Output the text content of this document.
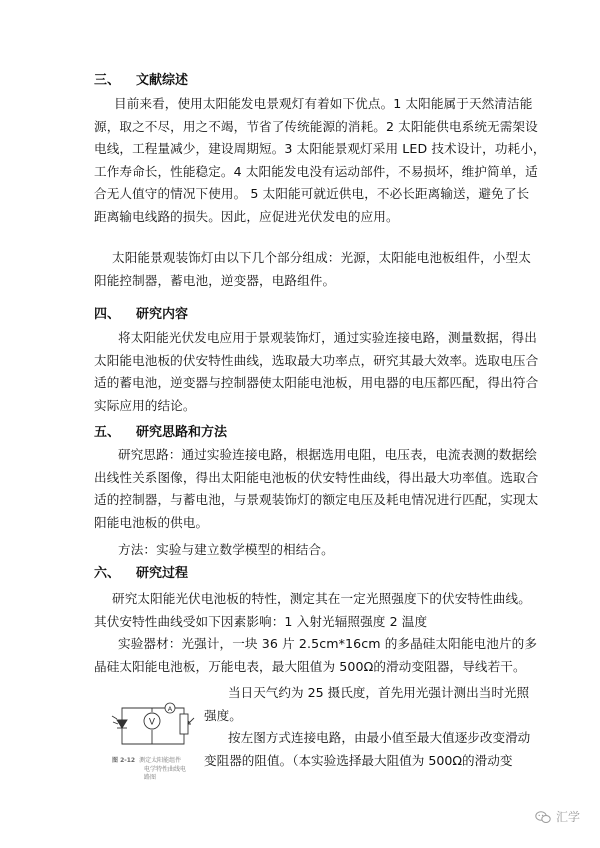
三、 文献综述
目前来看，使用太阳能发电景观灯有着如下优点。1 太阳能属于天然清洁能
源，取之不尽，用之不竭，节省了传统能源的消耗。2 太阳能供电系统无需架设
电线，工程量减少，建设周期短。3 太阳能景观灯采用 LED 技术设计，功耗小，
工作寿命长，性能稳定。4 太阳能发电没有运动部件，不易损坏，维护简单，适
合无人值守的情况下使用。 5 太阳能可就近供电，不必长距离输送，避免了长
距离输电线路的损失。因此，应促进光伏发电的应用。
太阳能景观装饰灯由以下几个部分组成：光源，太阳能电池板组件，小型太
阳能控制器，蓄电池，逆变器，电路组件。
四、 研究内容
将太阳能光伏发电应用于景观装饰灯，通过实验连接电路，测量数据，得出
太阳能电池板的伏安特性曲线，选取最大功率点，研究其最大效率。选取电压合
适的蓄电池，逆变器与控制器使太阳能电池板，用电器的电压都匹配，得出符合
实际应用的结论。
五、 研究思路和方法
研究思路：通过实验连接电路，根据选用电阻，电压表，电流表测的数据绘
出线性关系图像，得出太阳能电池板的伏安特性曲线，得出最大功率值。选取合
适的控制器，与蓄电池，与景观装饰灯的额定电压及耗电情况进行匹配，实现太
阳能电池板的供电。
方法：实验与建立数学模型的相结合。
六、 研究过程
研究太阳能光伏电池板的特性，测定其在一定光照强度下的伏安特性曲线。
其伏安特性曲线受如下因素影响：1 入射光辐照强度 2 温度
实验器材：光强计，一块 36 片 2.5cm*16cm 的多晶硅太阳能电池片的多
晶硅太阳能电池板，万能电表，最大阻值为 500Ω的滑动变阻器，导线若干。
当日天气约为 25 摄氏度，首先用光强计测出当时光照
强度。
按左图方式连接电路，由最小值至最大值逐步改变滑动
变阻器的阻值。（本实验选择最大阻值为 500Ω的滑动变
V
A
图 2-12 测定太阳能组件
电学特性曲线电
路图
汇学
